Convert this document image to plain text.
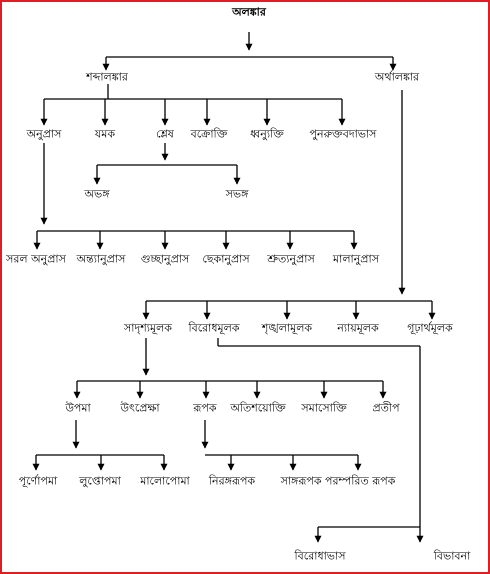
অলঙ্কার
শব্দালঙ্কার	অর্থালঙ্কার
অনুপ্রাস	যমক	শ্লেষ বক্রোক্তি ধ্বন্যুক্তি পুনরুক্তবদাভাস
অভঙ্গ	সভঙ্গ
সরল অনুপ্রাস অন্ত্যানুপ্রাস গুচ্ছানুপ্রাস ছেকানুপ্রাস শ্রুত্যনুপ্রাস মালানুপ্রাস
সাদৃশ্যমূলক বিরোধমূলক শৃঙ্খলামূলক ন্যায়মূলক	গূঢ়ার্থমূলক
উপমা	উৎপ্রেক্ষা	রূপক অতিশয়োক্তি সমাসোক্তি প্রতীপ
পূর্ণোপমা লুপ্তোপমা মালোপোমা নিরঙ্গরূপক সাঙ্গরূপক পরম্পরিত রূপক
বিরোধাভাস	বিভাবনা
